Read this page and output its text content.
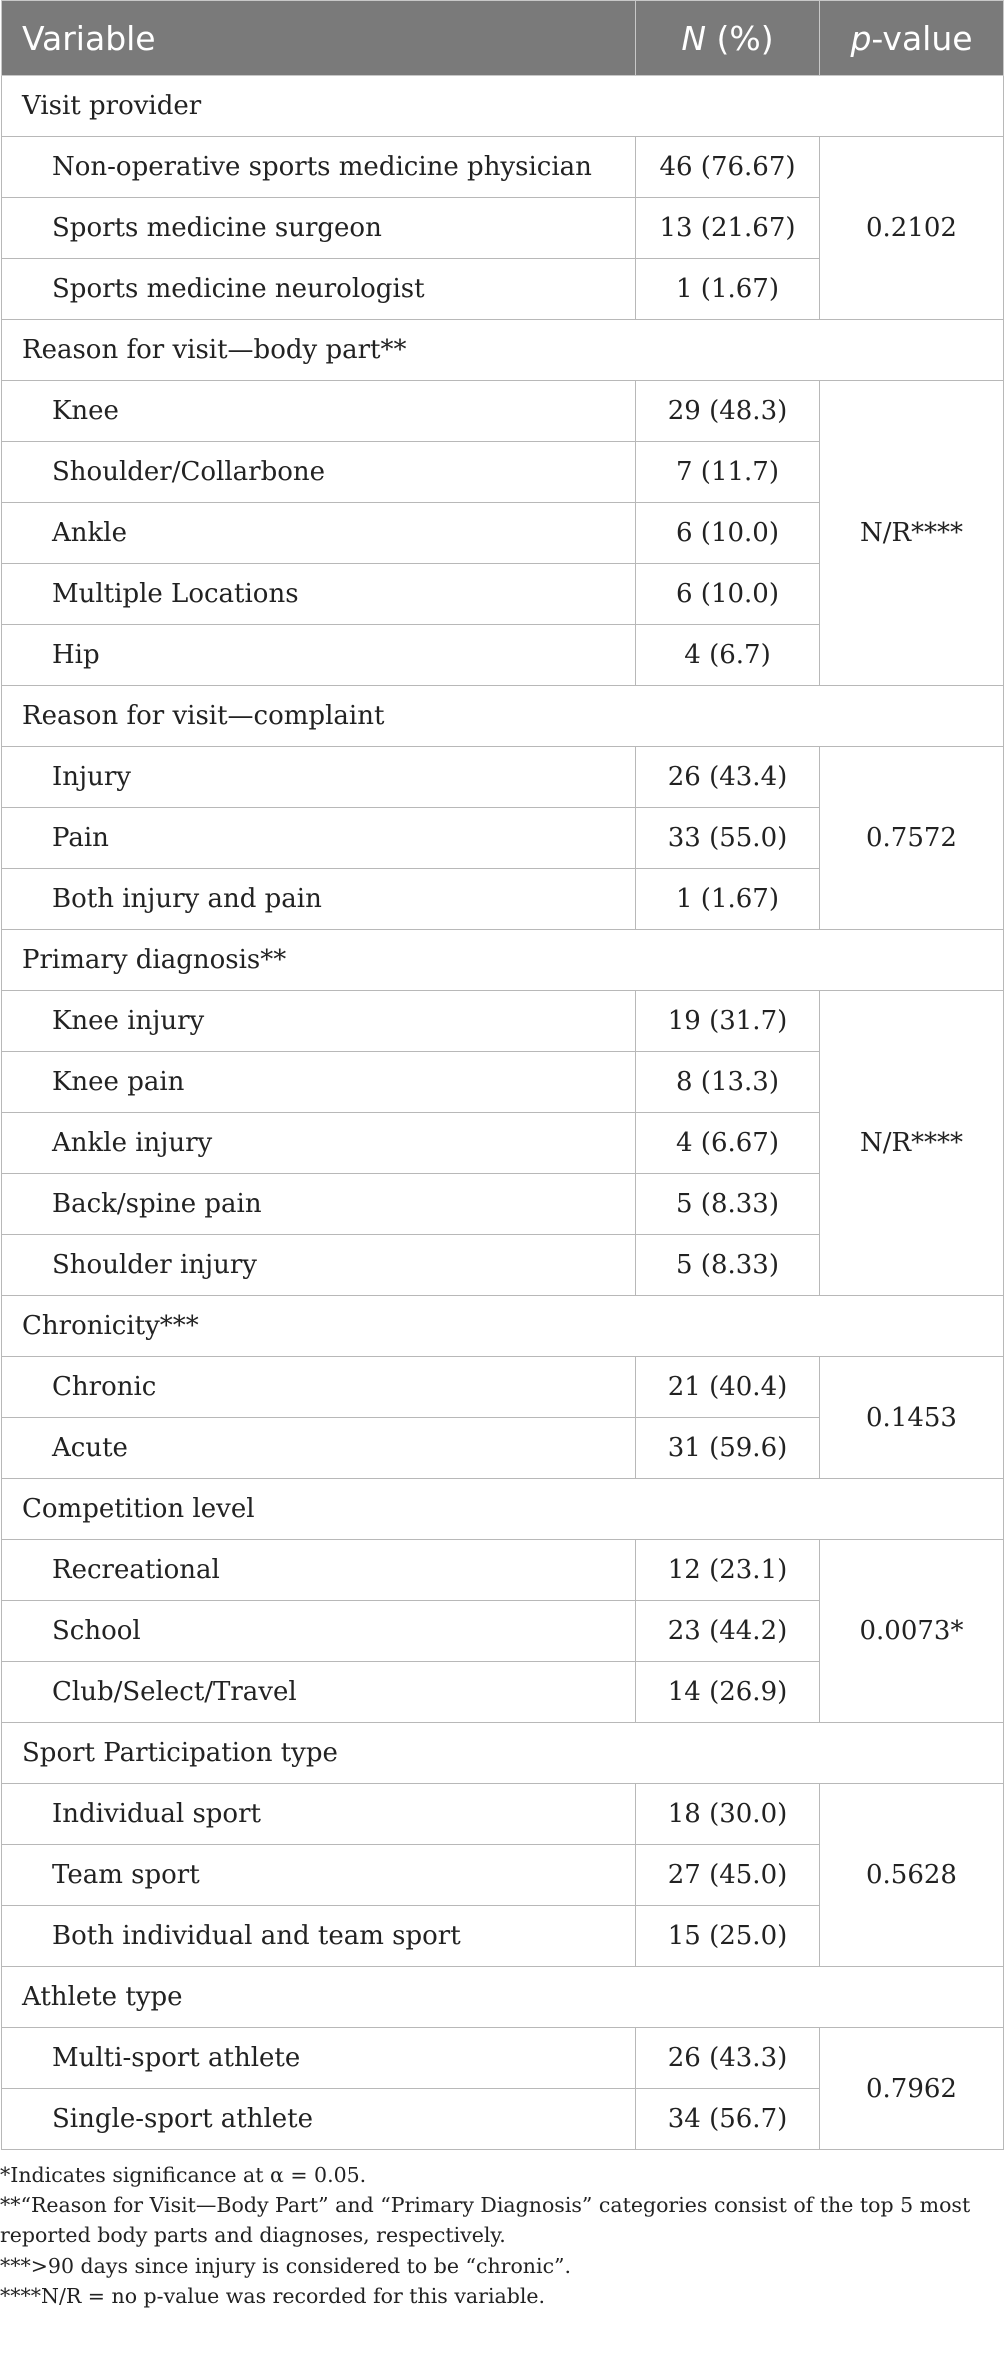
Variable	N (%)	p-value
Visit provider		
Non-operative sports medicine physician	46 (76.67)	0.2102
Sports medicine surgeon	13 (21.67)	
Sports medicine neurologist	1 (1.67)	
Reason for visit—body part**		
Knee	29 (48.3)	N/R****
Shoulder/Collarbone	7 (11.7)	
Ankle	6 (10.0)	
Multiple Locations	6 (10.0)	
Hip	4 (6.7)	
Reason for visit—complaint		
Injury	26 (43.4)	0.7572
Pain	33 (55.0)	
Both injury and pain	1 (1.67)	
Primary diagnosis**		
Knee injury	19 (31.7)	N/R****
Knee pain	8 (13.3)	
Ankle injury	4 (6.67)	
Back/spine pain	5 (8.33)	
Shoulder injury	5 (8.33)	
Chronicity***		
Chronic	21 (40.4)	0.1453
Acute	31 (59.6)	
Competition level		
Recreational	12 (23.1)	0.0073*
School	23 (44.2)	
Club/Select/Travel	14 (26.9)	
Sport Participation type		
Individual sport	18 (30.0)	0.5628
Team sport	27 (45.0)	
Both individual and team sport	15 (25.0)	
Athlete type		
Multi-sport athlete	26 (43.3)	0.7962
Single-sport athlete	34 (56.7)	

*Indicates significance at α = 0.05.

**“Reason for Visit—Body Part” and “Primary Diagnosis” categories consist of the top 5 most reported body parts and diagnoses, respectively.

***>90 days since injury is considered to be “chronic”.

****N/R = no p-value was recorded for this variable.
